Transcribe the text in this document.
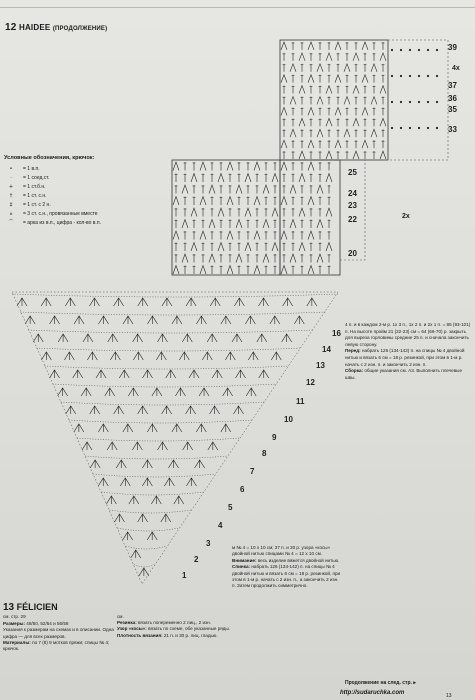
12 HAIDEE (ПРОДОЛЖЕНИЕ)
39
37
36
35
33
4x
25
24
23
22
20
2x
16
14
13
12
11
10
9
8
7
6
5
4
3
2
1
Условные обозначения, крючок:
•	= 1 в.п.
·	= 1 соед.ст.
+	= 1 ст.б.н.
†	= 1 ст. с.н.
‡	= 1 ст. с 2 н.
⩚	= 3 ст. с.н., провязанные вместе
⌒	= арка из в.п., цифра - кол-во в.п.
13 FÉLICIEN
см. стр. 29
Размеры: 48/50, 52/54 и 56/58
Указания к размерам на схемах и в описании. Одна цифра — для всех размеров.
Материалы: по 7 (8) 9 мотков пряжи; спицы № 4; крючок.
см.
Резинка: вязать попеременно 2 лиц., 2 изн.
Узор «косы»: вязать по схеме, обе указанные ряды.
Плотность вязания: 21 п. и 30 р. лиц. гладью.
м № 4 = 10 х 10 см; 37 п. и 30 р. узора «косы» двойной нитью спицами № 4 = 12 х 10 см.
Внимание: весь изделие вяжется двойной нитью.
Спинка: набрать 126 (134-142) п. на спицы № 4 двойной нитью и вязать 6 см = 18 р. резинкой, при этом в 1-м р. начать с 2 изн. п., а закончить 2 изн. п. Затем продолжить симметрично.
4 п. и в каждом 2-м р. 1х 3 п., 1х 2 п. и 2х 1 п. = 85 (93-101) п. На высоте пройм 21 (22-23) см = 64 (66-70) р. закрыть для выреза горловины средние 25 п. и сначала закончить левую сторону.
Перед: набрать 126 (134-142) п. на спицы № 4 двойной нитью и вязать 6 см = 18 р. резинкой, при этом в 1-м р. начать с 2 изн. п. и закончить 2 изн. п.
Сборка: общие указания см. А3. Выполнить плечевые швы.
Продолжение на след. стр. ▸
http://sudaruchka.com	13
